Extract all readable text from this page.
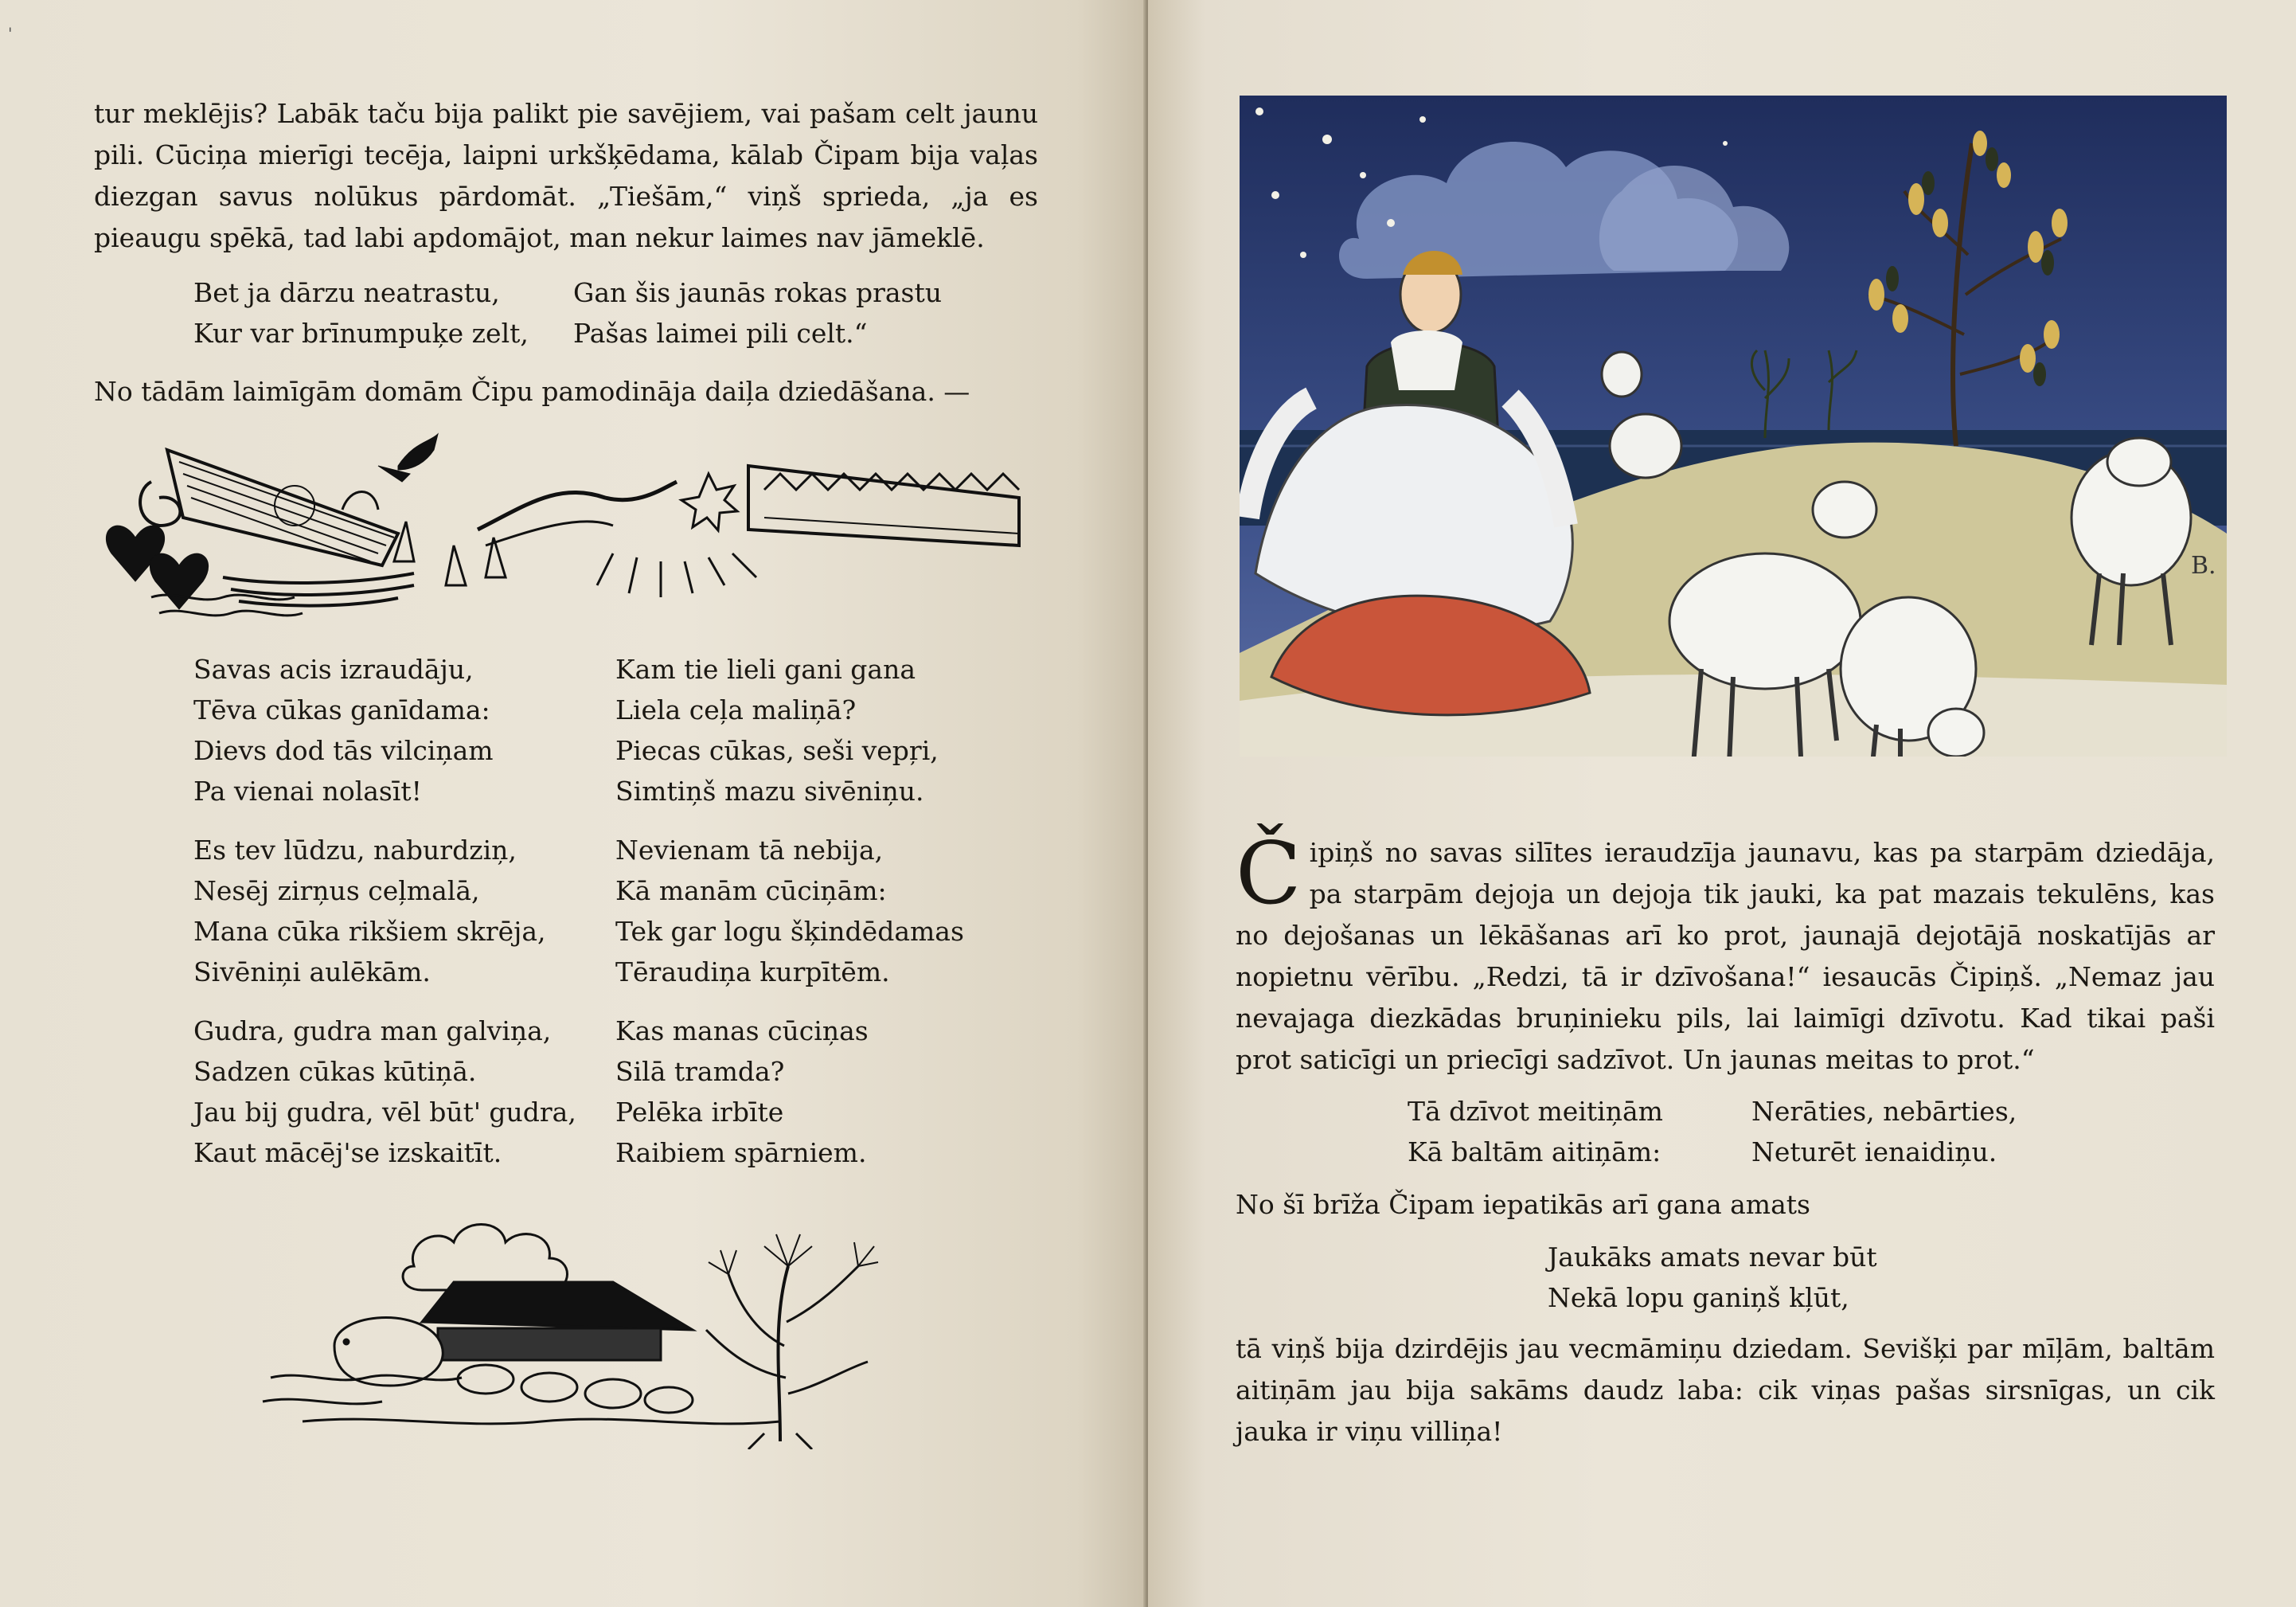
'

tur meklējis? Labāk taču bija palikt pie savējiem, vai pašam celt jaunu pili. Cūciņa mierīgi tecēja, laipni urkšķēdama, kālab Čipam bija vaļas diezgan savus nolūkus pārdomāt. „Tiešām,“ viņš sprieda, „ja es pieaugu spēkā, tad labi apdomājot, man nekur laimes nav jāmeklē.

Bet ja dārzu neatrastu,
Kur var brīnumpuķe zelt,
Gan šis jaunās rokas prastu
Pašas laimei pili celt.“

No tādām laimīgām domām Čipu pamodināja daiļa dziedāšana. —

Savas acis izraudāju,
Tēva cūkas ganīdama:
Dievs dod tās vilciņam
Pa vienai nolasīt!
Es tev lūdzu, naburdziņ,
Nesēj zirņus ceļmalā,
Mana cūka rikšiem skrēja,
Sivēniņi aulēkām.
Gudra, gudra man galviņa,
Sadzen cūkas kūtiņā.
Jau bij gudra, vēl būt' gudra,
Kaut mācēj'se izskaitīt.
Kam tie lieli gani gana
Liela ceļa maliņā?
Piecas cūkas, seši vepŗi,
Simtiņš mazu sivēniņu.
Nevienam tā nebija,
Kā manām cūciņām:
Tek gar logu šķindēdamas
Tēraudiņa kurpītēm.
Kas manas cūciņas
Silā tramda?
Pelēka irbīte
Raibiem spārniem.
B.
Č ipiņš no savas silītes ieraudzīja jaunavu, kas pa starpām dziedāja, pa starpām dejoja un dejoja tik jauki, ka pat mazais tekulēns, kas no dejošanas un lēkāšanas arī ko prot, jaunajā dejotājā noskatījās ar nopietnu vērību. „Redzi, tā ir dzīvošana!“ iesaucās Čipiņš. „Nemaz jau nevajaga diezkādas bruņinieku pils, lai laimīgi dzīvotu. Kad tikai paši prot saticīgi un priecīgi sadzīvot. Un jaunas meitas to prot.“

Tā dzīvot meitiņām
Kā baltām aitiņām:
Nerāties, nebārties,
Neturēt ienaidiņu.

No šī brīža Čipam iepatikās arī gana amats

Jaukāks amats nevar būt
Nekā lopu ganiņš kļūt,

tā viņš bija dzirdējis jau vecmāmiņu dziedam. Sevišķi par mīļām, baltām aitiņām jau bija sakāms daudz laba: cik viņas pašas sirsnīgas, un cik jauka ir viņu villiņa!
